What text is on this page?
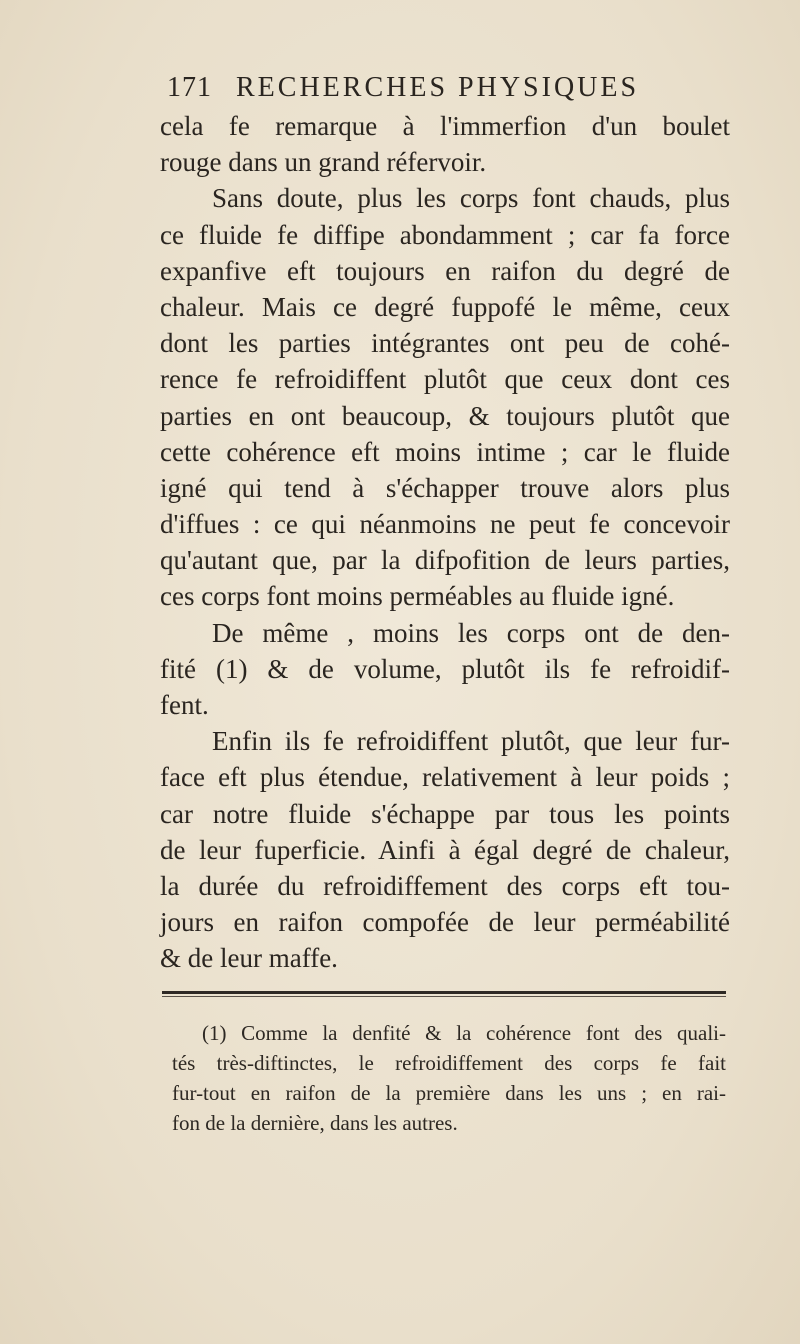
171 RECHERCHES PHYSIQUES
cela fe remarque à l'immerfion d'un boulet
rouge dans un grand réfervoir.
Sans doute, plus les corps font chauds, plus
ce fluide fe diffipe abondamment ; car fa force
expanfive eft toujours en raifon du degré de
chaleur. Mais ce degré fuppofé le même, ceux
dont les parties intégrantes ont peu de cohé-
rence fe refroidiffent plutôt que ceux dont ces
parties en ont beaucoup, & toujours plutôt que
cette cohérence eft moins intime ; car le fluide
igné qui tend à s'échapper trouve alors plus
d'iffues : ce qui néanmoins ne peut fe concevoir
qu'autant que, par la difpofition de leurs parties,
ces corps font moins perméables au fluide igné.
De même , moins les corps ont de den-
fité (1) & de volume, plutôt ils fe refroidif-
fent.
Enfin ils fe refroidiffent plutôt, que leur fur-
face eft plus étendue, relativement à leur poids ;
car notre fluide s'échappe par tous les points
de leur fuperficie. Ainfi à égal degré de chaleur,
la durée du refroidiffement des corps eft tou-
jours en raifon compofée de leur perméabilité
& de leur maffe.
(1) Comme la denfité & la cohérence font des quali-
tés très-diftinctes, le refroidiffement des corps fe fait
fur-tout en raifon de la première dans les uns ; en rai-
fon de la dernière, dans les autres.
